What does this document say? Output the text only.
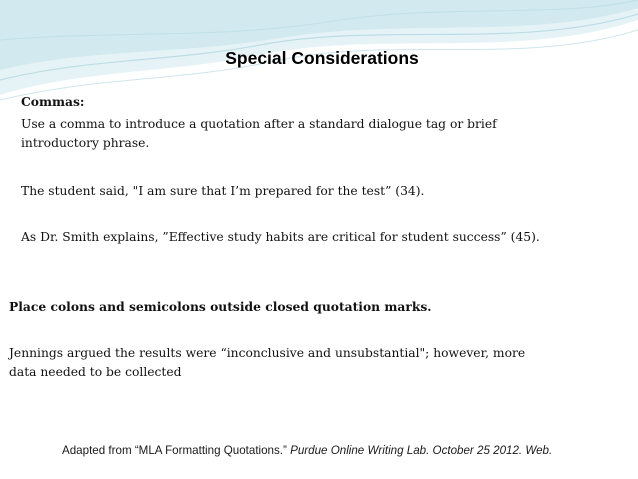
Special Considerations
Commas:
Use a comma to introduce a quotation after a standard dialogue tag or brief
introductory phrase.
The student said, "I am sure that I’m prepared for the test” (34).
As Dr. Smith explains, ”Effective study habits are critical for student success” (45).
Place colons and semicolons outside closed quotation marks.
Jennings argued the results were “inconclusive and unsubstantial"; however, more
data needed to be collected
Adapted from “MLA Formatting Quotations.” Purdue Online Writing Lab. October 25 2012. Web.
